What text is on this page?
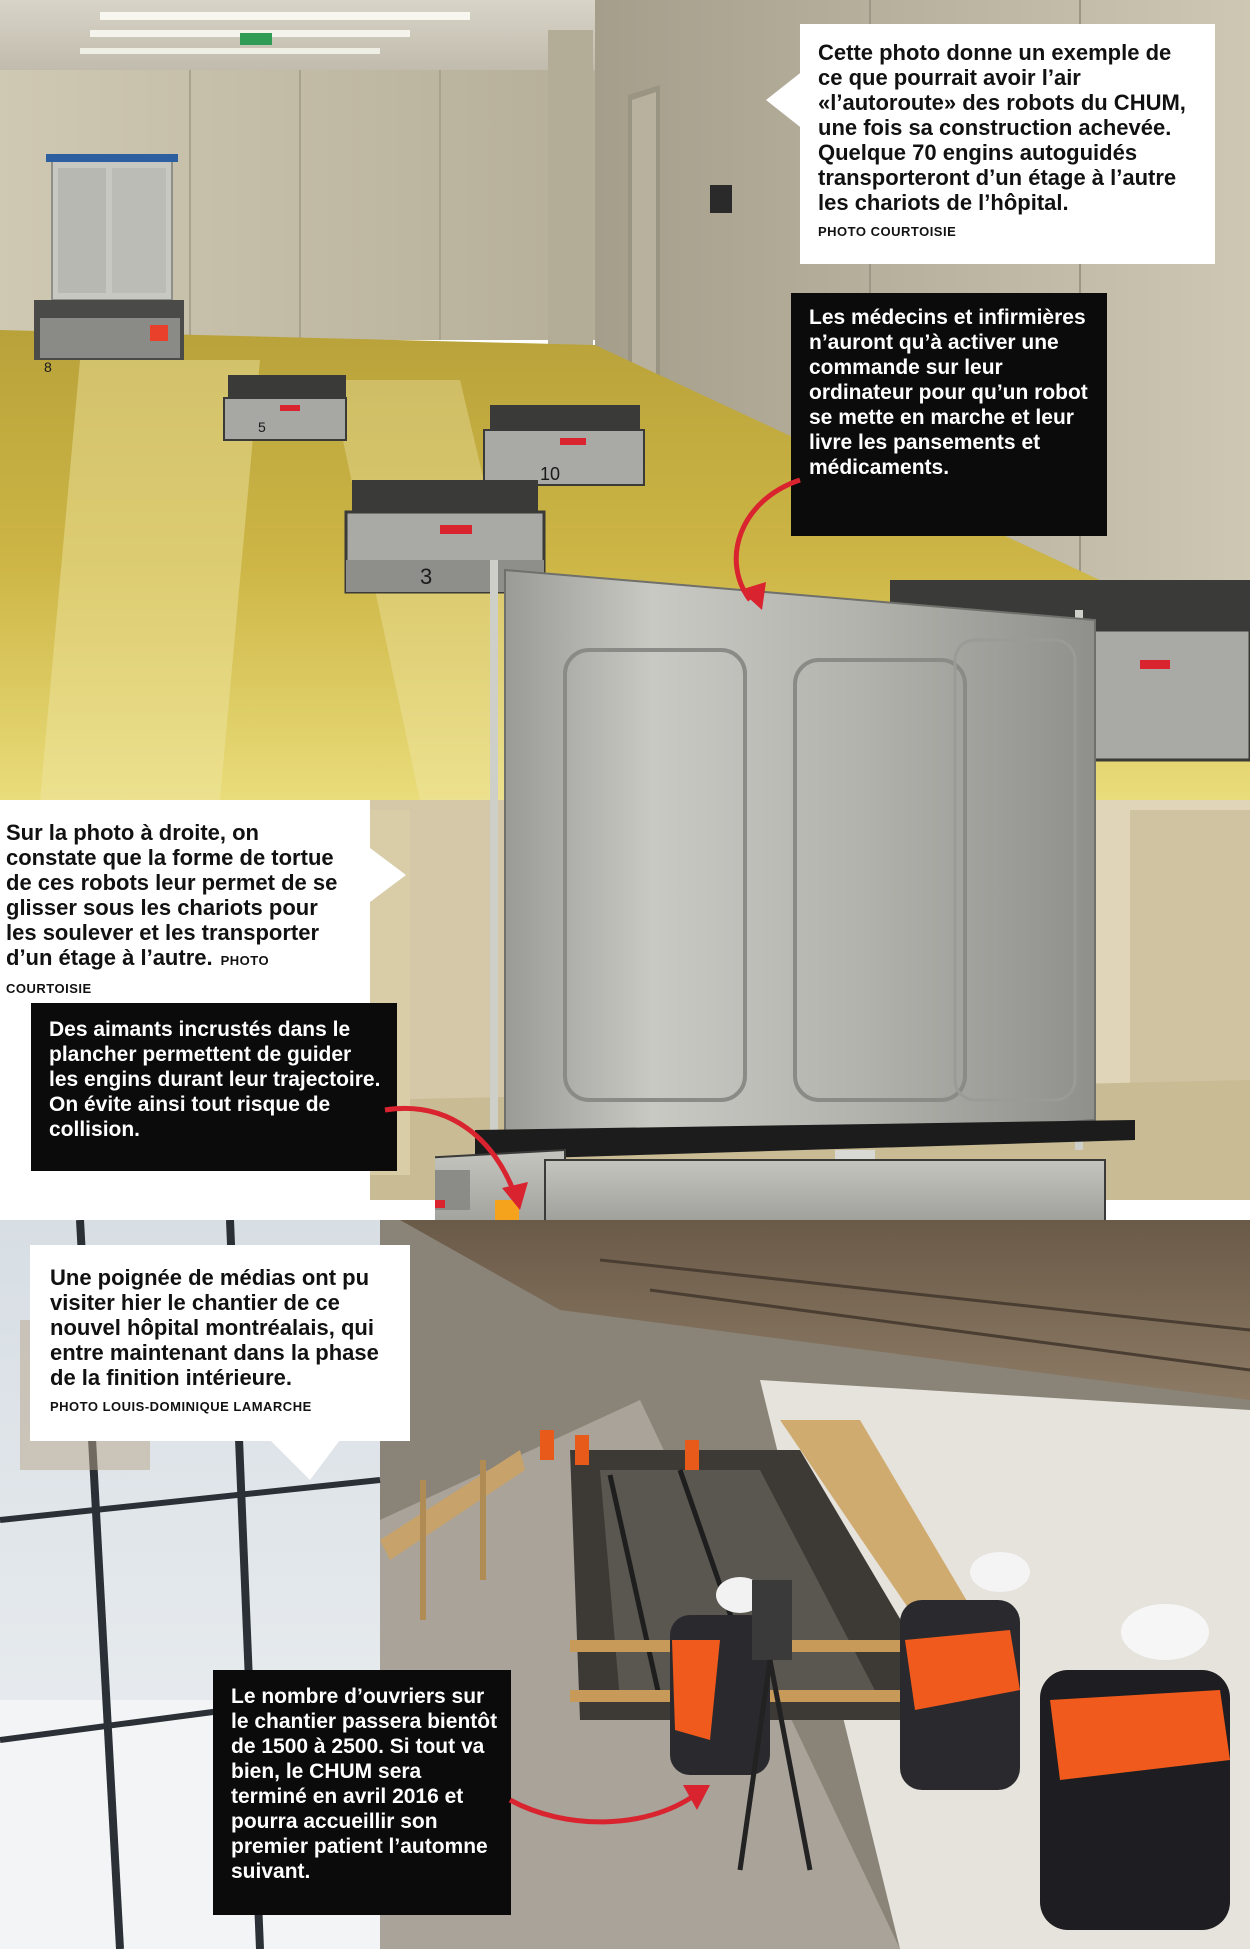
8
5
10
3
Cette photo donne un exemple de ce que pourrait avoir l’air «l’autoroute» des robots du CHUM, une fois sa construction achevée. Quelque 70 engins autoguidés transporteront d’un étage à l’autre les chariots de l’hôpital.
PHOTO COURTOISIE
Les médecins et infirmières n’auront qu’à activer une commande sur leur ordinateur pour qu’un robot se mette en marche et leur livre les pansements et médicaments.
Sur la photo à droite, on constate que la forme de tortue de ces robots leur permet de se glisser sous les chariots pour les soulever et les transporter d’un étage à l’autre. PHOTO COURTOISIE
Des aimants incrustés dans le plancher permettent de guider les engins durant leur trajectoire. On évite ainsi tout risque de collision.
Une poignée de médias ont pu visiter hier le chantier de ce nouvel hôpital montréalais, qui entre maintenant dans la phase de la finition intérieure.
PHOTO LOUIS-DOMINIQUE LAMARCHE
Le nombre d’ouvriers sur le chantier passera bientôt de 1500 à 2500. Si tout va bien, le CHUM sera terminé en avril 2016 et pourra accueillir son premier patient l’automne suivant.
